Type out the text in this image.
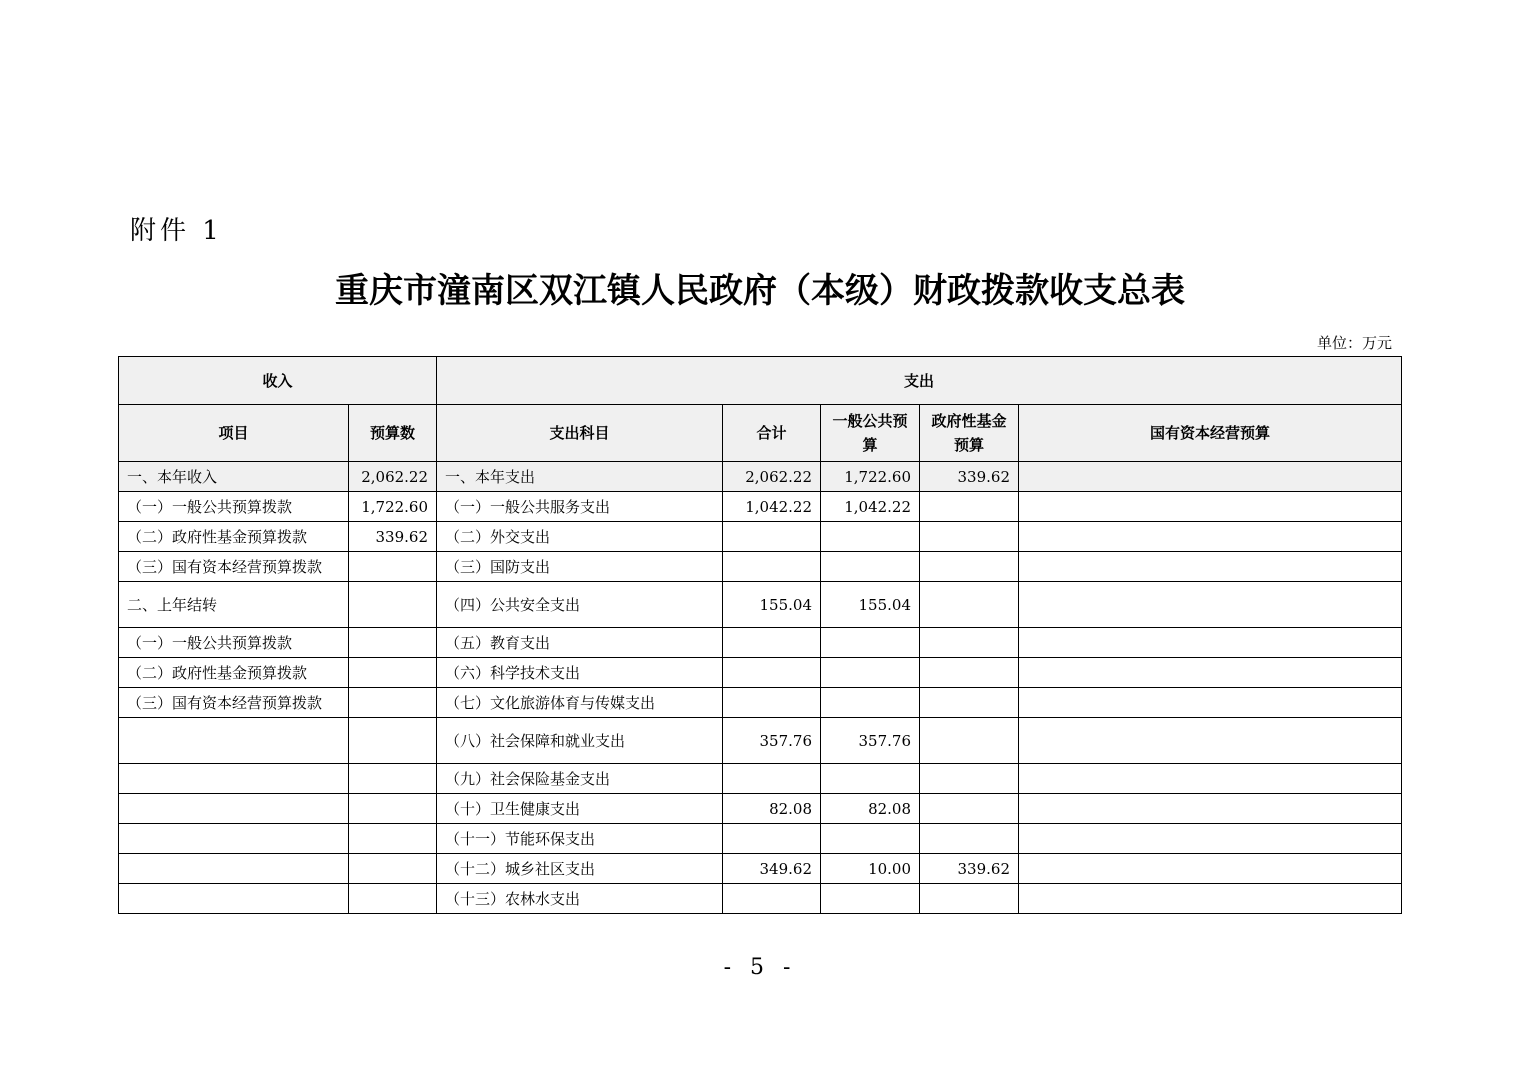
附件 1
重庆市潼南区双江镇人民政府（本级）财政拨款收支总表
单位：万元
收入		支出				
项目	预算数	支出科目	合计	一般公共预算	政府性基金预算	国有资本经营预算
一、本年收入	2,062.22	一、本年支出	2,062.22	1,722.60	339.62	
（一）一般公共预算拨款	1,722.60	（一）一般公共服务支出	1,042.22	1,042.22		
（二）政府性基金预算拨款	339.62	（二）外交支出				
（三）国有资本经营预算拨款		（三）国防支出				
二、上年结转		（四）公共安全支出	155.04	155.04		
（一）一般公共预算拨款		（五）教育支出				
（二）政府性基金预算拨款		（六）科学技术支出				
（三）国有资本经营预算拨款		（七）文化旅游体育与传媒支出				
		（八）社会保障和就业支出	357.76	357.76		
		（九）社会保险基金支出				
		（十）卫生健康支出	82.08	82.08		
		（十一）节能环保支出				
		（十二）城乡社区支出	349.62	10.00	339.62	
		（十三）农林水支出				
- 5 -
